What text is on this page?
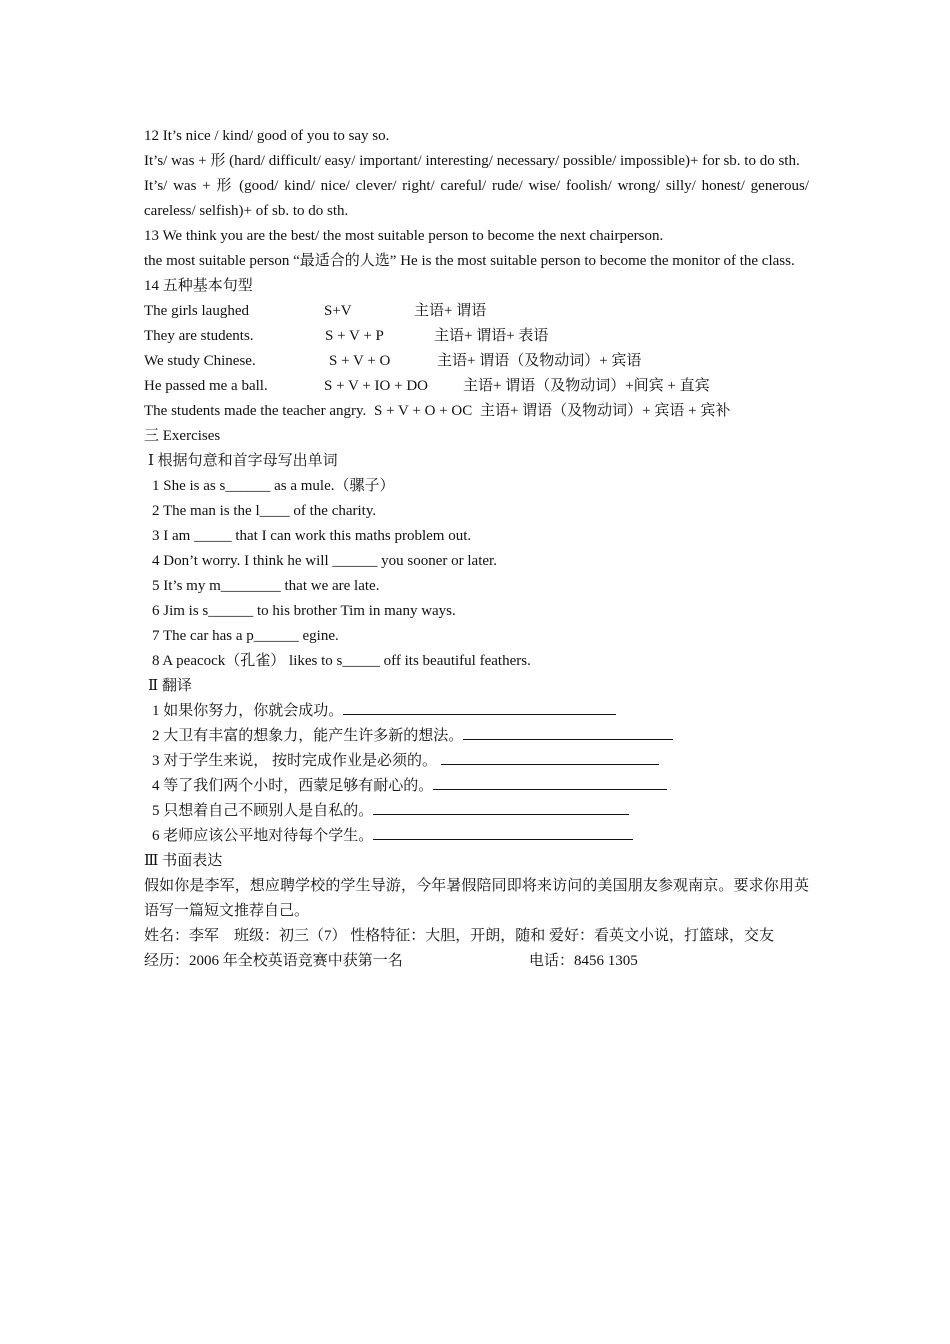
12 It’s nice / kind/ good of you to say so.
It’s/ was + 形 (hard/ difficult/ easy/ important/ interesting/ necessary/ possible/ impossible)+ for sb. to do sth.
It’s/ was + 形 (good/ kind/ nice/ clever/ right/ careful/ rude/ wise/ foolish/ wrong/ silly/ honest/ generous/ careless/ selfish)+ of sb. to do sth.
13 We think you are the best/ the most suitable person to become the next chairperson.
the most suitable person “最适合的人选” He is the most suitable person to become the monitor of the class.
14 五种基本句型
The girls laughed	S+V	主语+ 谓语
They are students.	S + V + P	主语+ 谓语+ 表语
We study Chinese.	S + V + O	主语+ 谓语（及物动词）+ 宾语
He passed me a ball.	S + V + IO + DO 主语+ 谓语（及物动词）+间宾 + 直宾
The students made the teacher angry. S + V + O + OC 主语+ 谓语（及物动词）+ 宾语 + 宾补
三 Exercises
Ⅰ 根据句意和首字母写出单词
1 She is as s______ as a mule.（骡子）
2 The man is the l____ of the charity.
3 I am _____ that I can work this maths problem out.
4 Don’t worry. I think he will ______ you sooner or later.
5 It’s my m________ that we are late.
6 Jim is s______ to his brother Tim in many ways.
7 The car has a p______ egine.
8 A peacock（孔雀） likes to s_____ off its beautiful feathers.
Ⅱ 翻译
1 如果你努力，你就会成功。
2 大卫有丰富的想象力，能产生许多新的想法。
3 对于学生来说， 按时完成作业是必须的。
4 等了我们两个小时，西蒙足够有耐心的。
5 只想着自己不顾别人是自私的。
6 老师应该公平地对待每个学生。
Ⅲ 书面表达
假如你是李军，想应聘学校的学生导游，今年暑假陪同即将来访问的美国朋友参观南京。要求你用英语写一篇短文推荐自己。
姓名：李军　班级：初三（7） 性格特征：大胆，开朗，随和 爱好：看英文小说，打篮球，交友
经历：2006 年全校英语竞赛中获第一名	电话：8456 1305
